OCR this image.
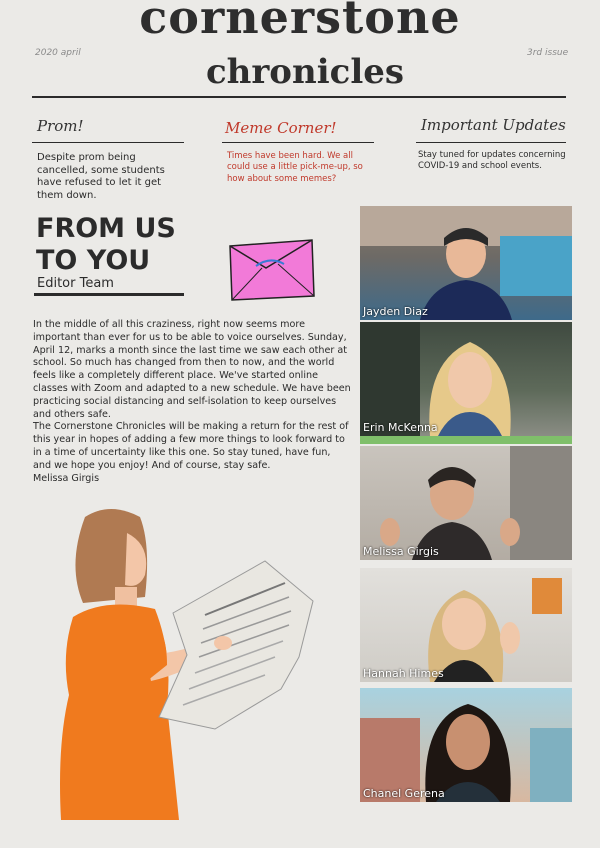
cornerstone
chronicles
2020 april	3rd issue
Prom!
Despite prom being cancelled, some students have refused to let it get them down.
Meme Corner!
Times have been hard. We all could use a little pick-me-up, so how about some memes?
Important Updates
Stay tuned for updates concerning COVID-19 and school events.
FROM US
TO YOU
Editor Team
In the middle of all this craziness, right now seems more important than ever for us to be able to voice ourselves. Sunday, April 12, marks a month since the last time we saw each other at school. So much has changed from then to now, and the world feels like a completely different place. We've started online classes with Zoom and adapted to a new schedule. We have been practicing social distancing and self-isolation to keep ourselves and others safe.
The Cornerstone Chronicles will be making a return for the rest of this year in hopes of adding a few more things to look forward to in a time of uncertainty like this one. So stay tuned, have fun, and we hope you enjoy! And of course, stay safe.
Melissa Girgis
Jayden Diaz
Erin McKenna
Melissa Girgis
Hannah Himes
Chanel Gerena
